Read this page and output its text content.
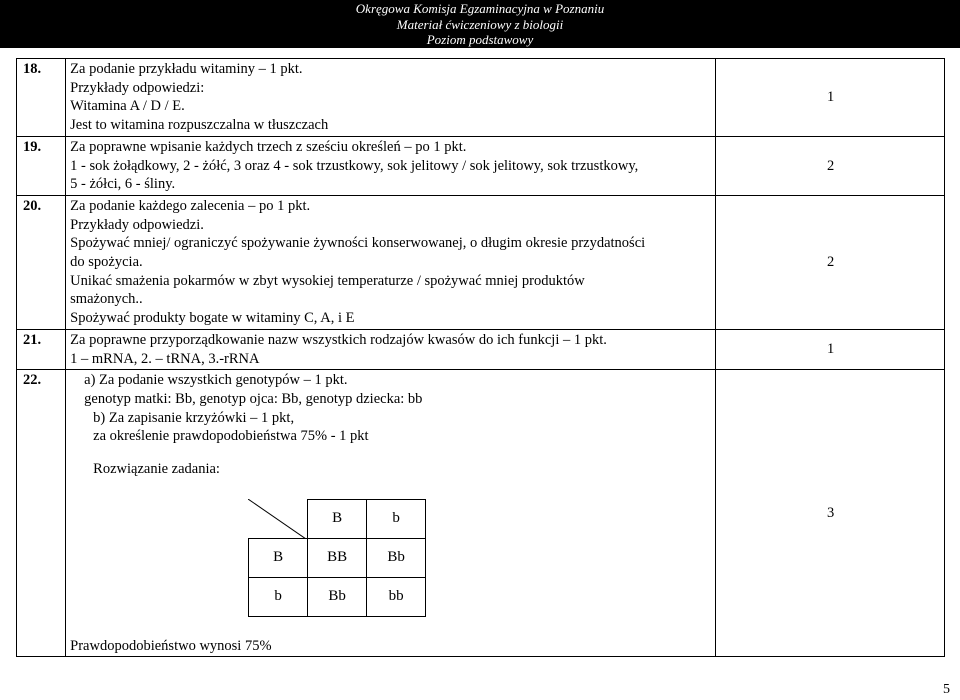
Okręgowa Komisja Egzaminacyjna w Poznaniu
Materiał ćwiczeniowy z biologii
Poziom podstawowy
18.	Za podanie przykładu witaminy – 1 pkt.
Przykłady odpowiedzi:
Witamina A / D / E.
Jest to witamina rozpuszczalna w tłuszczach
	1
19.	Za poprawne wpisanie każdych trzech z sześciu określeń – po 1 pkt.
1 - sok żołądkowy, 2 - żółć, 3 oraz 4 - sok trzustkowy, sok jelitowy / sok jelitowy, sok trzustkowy,
5 - żółci, 6 - śliny.
	2
20.	Za podanie każdego zalecenia – po 1 pkt.
Przykłady odpowiedzi.
Spożywać mniej/ ograniczyć spożywanie żywności konserwowanej, o długim okresie przydatności
do spożycia.
Unikać smażenia pokarmów w zbyt wysokiej temperaturze / spożywać mniej produktów
smażonych..
Spożywać produkty bogate w witaminy C, A, i E
	2
21.	Za poprawne przyporządkowanie nazw wszystkich rodzajów kwasów do ich funkcji – 1 pkt.
1 – mRNA, 2. – tRNA, 3.-rRNA
	1
22.	a) Za podanie wszystkich genotypów – 1 pkt.
genotyp matki: Bb, genotyp ojca: Bb, genotyp dziecka: bb
b) Za zapisanie krzyżówki – 1 pkt,
za określenie prawdopodobieństwa 75% - 1 pkt
Rozwiązanie zadania:
	B	b
B	BB	Bb
b	Bb	bb
Prawdopodobieństwo wynosi 75%
	3
5
